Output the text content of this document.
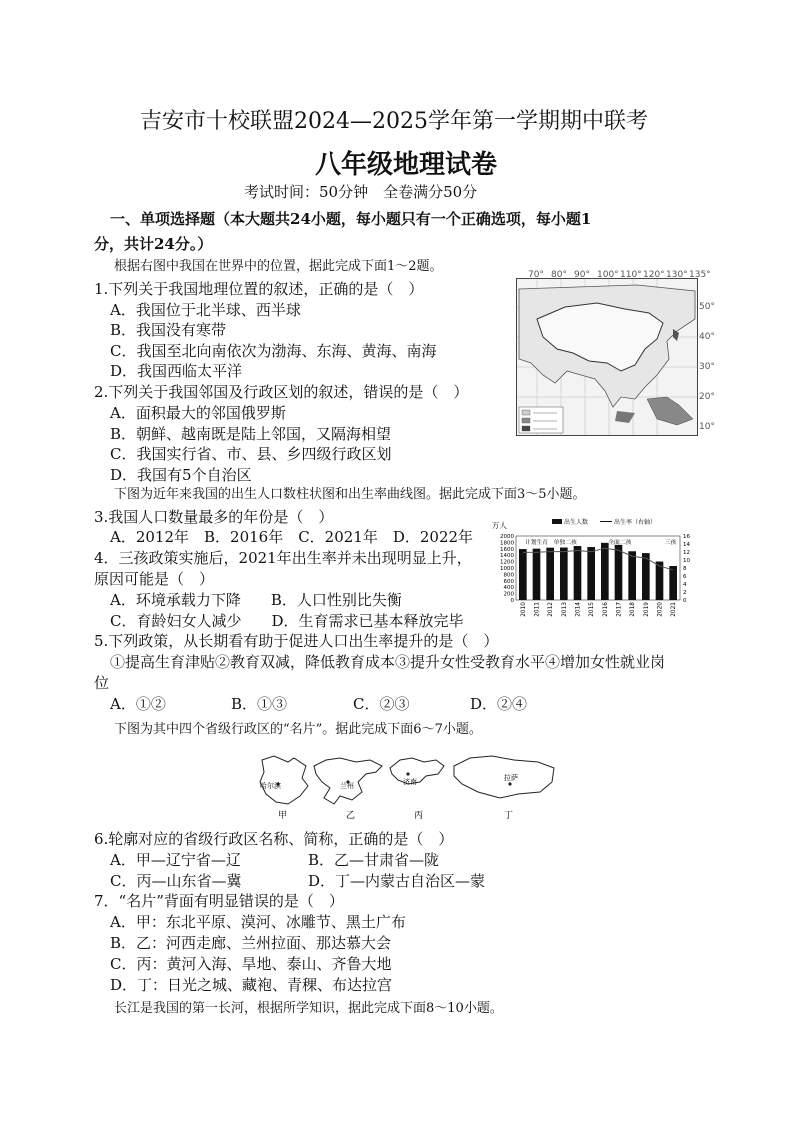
吉安市十校联盟2024—2025学年第一学期期中联考
八年级地理试卷
考试时间：50分钟　全卷满分50分
一、单项选择题（本大题共24小题，每小题只有一个正确选项，每小题1
分，共计24分。）
根据右图中我国在世界中的位置，据此完成下面1～2题。
1.下列关于我国地理位置的叙述，正确的是（　）
A．我国位于北半球、西半球
B．我国没有寒带
C．我国至北向南依次为渤海、东海、黄海、南海
D．我国西临太平洋
2.下列关于我国邻国及行政区划的叙述，错误的是（　）
A．面积最大的邻国俄罗斯
B．朝鲜、越南既是陆上邻国，又隔海相望
C．我国实行省、市、县、乡四级行政区划
D．我国有5个自治区
70° 80° 90° 100° 110° 120° 130° 135°
50°
40°
30°
20°
10°
下图为近年来我国的出生人口数柱状图和出生率曲线图。据此完成下面3～5小题。
3.我国人口数量最多的年份是（　）
A．2012年　B．2016年　C．2021年　D．2022年
4．三孩政策实施后，2021年出生率并未出现明显上升，
原因可能是（　）
A．环境承载力下降　　B．人口性别比失衡
C．育龄妇女人减少　　D．生育需求已基本释放完毕
万人	出生人数	出生率（右轴）
2000
1800
1600
1400
1200
1000
800
600
400
200
0
16
14
12
10
8
6
4
2
0
2010 2011 2012 2013 2014 2015 2016 2017 2018 2019 2020 2021
计划生育 单独二孩	全面二孩	三孩
5.下列政策，从长期看有助于促进人口出生率提升的是（　）
①提高生育津贴②教育双减，降低教育成本③提升女性受教育水平④增加女性就业岗
位
A．①②	B．①③	C．②③	D．②④
下图为其中四个省级行政区的“名片”。据此完成下面6～7小题。
哈尔滨	兰州	济南	拉萨
甲	乙	丙	丁
6.轮廓对应的省级行政区名称、简称，正确的是（　）
A．甲—辽宁省—辽	B．乙—甘肃省—陇
C．丙—山东省—冀	D．丁—内蒙古自治区—蒙
7．“名片”背面有明显错误的是（　）
A．甲：东北平原、漠河、冰雕节、黑土广布
B．乙：河西走廊、兰州拉面、那达慕大会
C．丙：黄河入海、旱地、泰山、齐鲁大地
D．丁：日光之城、藏袍、青稞、布达拉宫
长江是我国的第一长河，根据所学知识，据此完成下面8～10小题。
